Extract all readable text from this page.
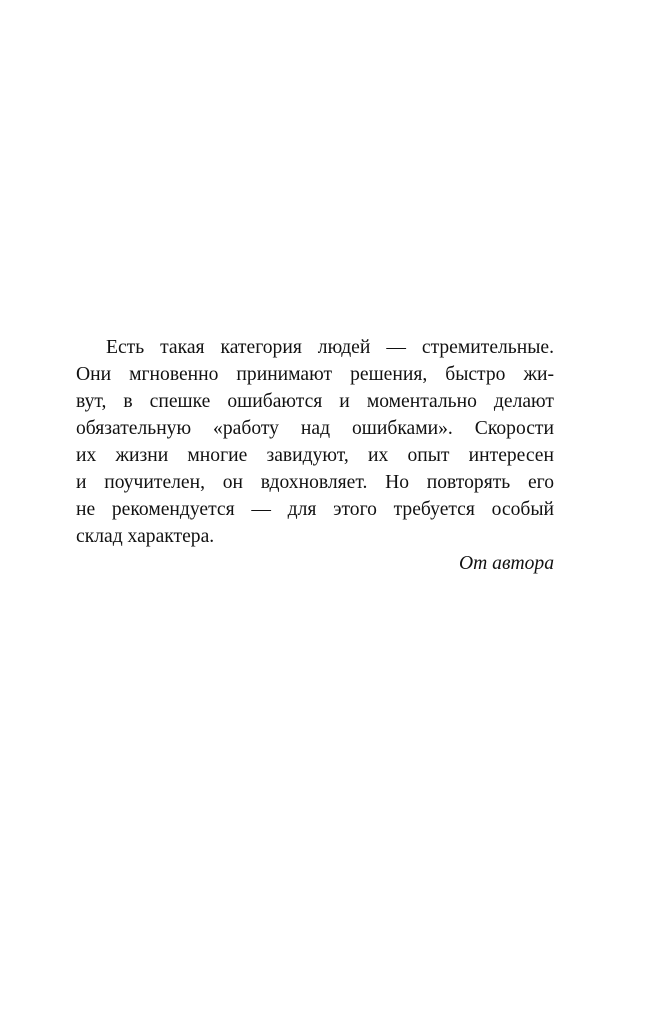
Есть такая категория людей — стремительные.
Они мгновенно принимают решения, быстро жи-
вут, в спешке ошибаются и моментально делают
обязательную «работу над ошибками». Скорости
их жизни многие завидуют, их опыт интересен
и поучителен, он вдохновляет. Но повторять его
не рекомендуется — для этого требуется особый
склад характера.
От автора
